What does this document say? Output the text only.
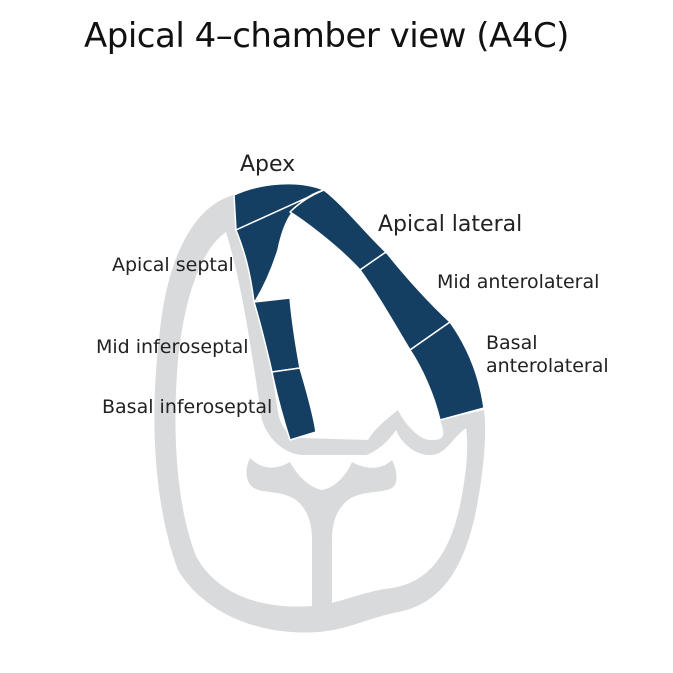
Apical 4–chamber view (A4C)
Apex
Apical lateral
Mid anterolateral
Basal
anterolateral
Apical septal
Mid inferoseptal
Basal inferoseptal
